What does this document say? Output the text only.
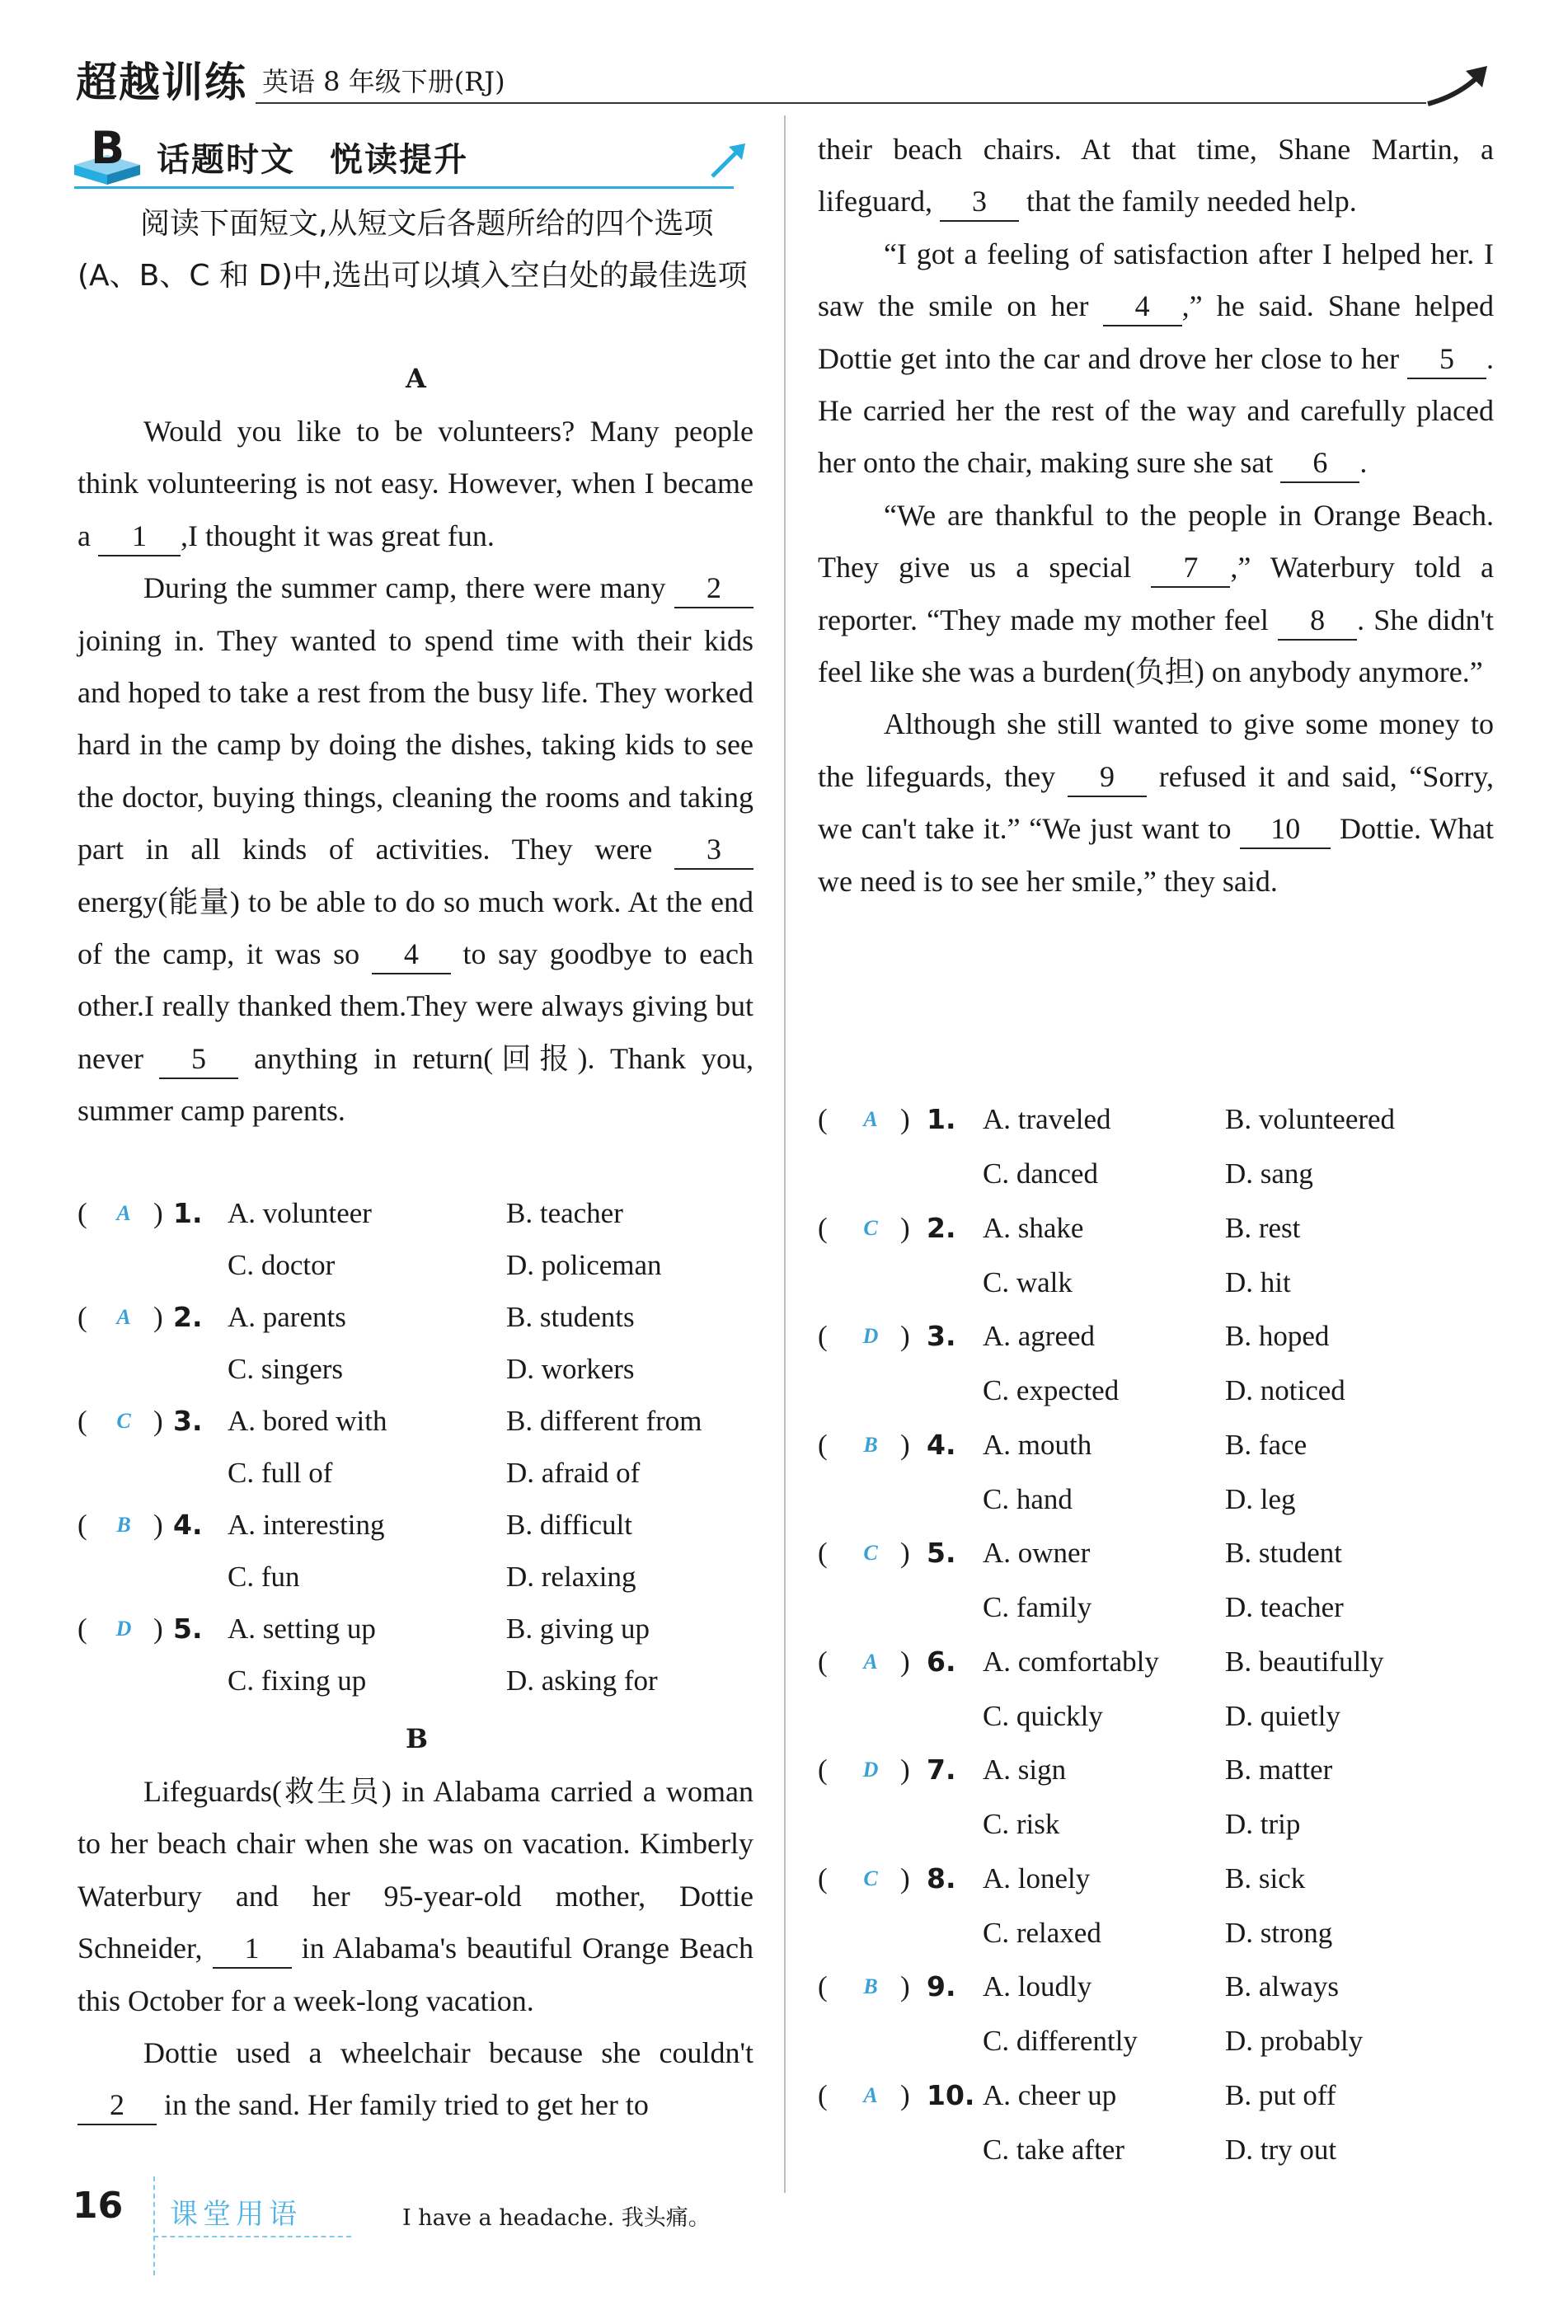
超越训练 英语 8 年级下册(RJ)
B 话题时文　悦读提升
阅读下面短文,从短文后各题所给的四个选项(A、B、C 和 D)中,选出可以填入空白处的最佳选项
A

Would you like to be volunteers? Many people think volunteering is not easy. However, when I became a 1 ,I thought it was great fun.

During the summer camp, there were many 2 joining in. They wanted to spend time with their kids and hoped to take a rest from the busy life. They worked hard in the camp by doing the dishes, taking kids to see the doctor, buying things, cleaning the rooms and taking part in all kinds of activities. They were 3 energy(能量) to be able to do so much work. At the end of the camp, it was so 4 to say goodbye to each other.I really thanked them.They were always giving but never 5 anything in return(回报). Thank you, summer camp parents.

(	A ) 1. A. volunteer	B. teacher
C. doctor	D. policeman
(	A ) 2. A. parents	B. students
C. singers	D. workers
(	C ) 3. A. bored with	B. different from
C. full of	D. afraid of
(	B ) 4. A. interesting	B. difficult
C. fun	D. relaxing
(	D ) 5. A. setting up	B. giving up
C. fixing up	D. asking for
B

Lifeguards(救生员) in Alabama carried a woman to her beach chair when she was on vacation. Kimberly Waterbury and her 95-year-old mother, Dottie Schneider, 1 in Alabama's beautiful Orange Beach this October for a week-long vacation.

Dottie used a wheelchair because she couldn't 2 in the sand. Her family tried to get her to

their beach chairs. At that time, Shane Martin, a lifeguard, 3 that the family needed help.

“I got a feeling of satisfaction after I helped her. I saw the smile on her 4 ,” he said. Shane helped Dottie get into the car and drove her close to her 5 . He carried her the rest of the way and carefully placed her onto the chair, making sure she sat 6 .

“We are thankful to the people in Orange Beach. They give us a special 7 ,” Waterbury told a reporter. “They made my mother feel 8 . She didn't feel like she was a burden(负担) on anybody anymore.”

Although she still wanted to give some money to the lifeguards, they 9 refused it and said, “Sorry, we can't take it.” “We just want to 10 Dottie. What we need is to see her smile,” they said.

(	A ) 1. A. traveled	B. volunteered
C. danced	D. sang
(	C ) 2. A. shake	B. rest
C. walk	D. hit
(	D ) 3. A. agreed	B. hoped
C. expected	D. noticed
(	B ) 4. A. mouth	B. face
C. hand	D. leg
(	C ) 5. A. owner	B. student
C. family	D. teacher
(	A ) 6. A. comfortably B. beautifully
C. quickly	D. quietly
(	D ) 7. A. sign	B. matter
C. risk	D. trip
(	C ) 8. A. lonely	B. sick
C. relaxed	D. strong
(	B ) 9. A. loudly	B. always
C. differently	D. probably
(	A ) 10. A. cheer up	B. put off
C. take after	D. try out
16 课堂用语	I have a headache. 我头痛。
